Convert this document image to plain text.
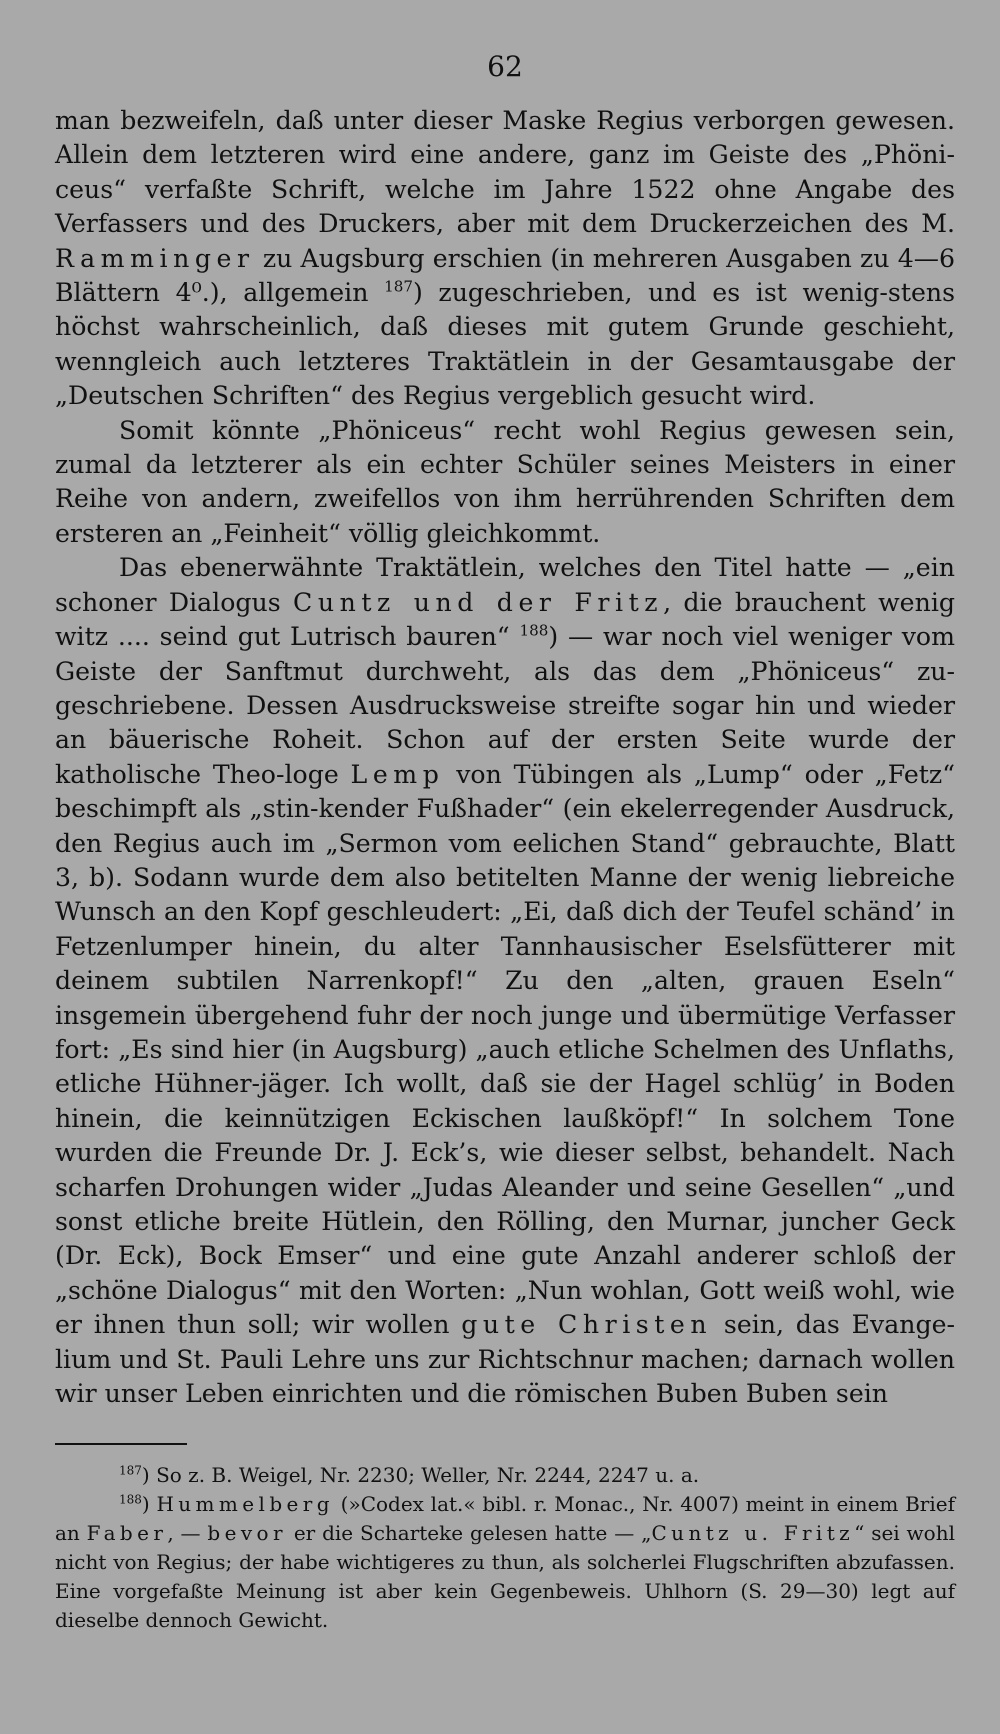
62

man bezweifeln, daß unter dieser Maske Regius verborgen gewesen. Allein dem letzteren wird eine andere, ganz im Geiste des „Phöni-ceus“ verfaßte Schrift, welche im Jahre 1522 ohne Angabe des Verfassers und des Druckers, aber mit dem Druckerzeichen des M. Ramminger zu Augsburg erschien (in mehreren Ausgaben zu 4—6 Blättern 4⁰.), allgemein $^{187}$) zugeschrieben, und es ist wenig-stens höchst wahrscheinlich, daß dieses mit gutem Grunde geschieht, wenngleich auch letzteres Traktätlein in der Gesamtausgabe der „Deutschen Schriften“ des Regius vergeblich gesucht wird.

Somit könnte „Phöniceus“ recht wohl Regius gewesen sein, zumal da letzterer als ein echter Schüler seines Meisters in einer Reihe von andern, zweifellos von ihm herrührenden Schriften dem ersteren an „Feinheit“ völlig gleichkommt.

Das ebenerwähnte Traktätlein, welches den Titel hatte — „ein schoner Dialogus Cuntz und der Fritz, die brauchent wenig witz .... seind gut Lutrisch bauren“ $^{188}$) — war noch viel weniger vom Geiste der Sanftmut durchweht, als das dem „Phöniceus“ zu-geschriebene. Dessen Ausdrucksweise streifte sogar hin und wieder an bäuerische Roheit. Schon auf der ersten Seite wurde der katholische Theo-loge Lemp von Tübingen als „Lump“ oder „Fetz“ beschimpft als „stin-kender Fußhader“ (ein ekelerregender Ausdruck, den Regius auch im „Sermon vom eelichen Stand“ gebrauchte, Blatt 3, b). Sodann wurde dem also betitelten Manne der wenig liebreiche Wunsch an den Kopf geschleudert: „Ei, daß dich der Teufel schänd’ in Fetzenlumper hinein, du alter Tannhausischer Eselsfütterer mit deinem subtilen Narrenkopf!“ Zu den „alten, grauen Eseln“ insgemein übergehend fuhr der noch junge und übermütige Verfasser fort: „Es sind hier (in Augsburg) „auch etliche Schelmen des Unflaths, etliche Hühner-jäger. Ich wollt, daß sie der Hagel schlüg’ in Boden hinein, die keinnützigen Eckischen laußköpf!“ In solchem Tone wurden die Freunde Dr. J. Eck’s, wie dieser selbst, behandelt. Nach scharfen Drohungen wider „Judas Aleander und seine Gesellen“ „und sonst etliche breite Hütlein, den Rölling, den Murnar, juncher Geck (Dr. Eck), Bock Emser“ und eine gute Anzahl anderer schloß der „schöne Dialogus“ mit den Worten: „Nun wohlan, Gott weiß wohl, wie er ihnen thun soll; wir wollen gute Christen sein, das Evange-lium und St. Pauli Lehre uns zur Richtschnur machen; darnach wollen wir unser Leben einrichten und die römischen Buben Buben sein

$^{187}$) So z. B. Weigel, Nr. 2230; Weller, Nr. 2244, 2247 u. a.

$^{188}$) Hummelberg (»Codex lat.« bibl. r. Monac., Nr. 4007) meint in einem Brief an Faber, — bevor er die Scharteke gelesen hatte — „Cuntz u. Fritz“ sei wohl nicht von Regius; der habe wichtigeres zu thun, als solcherlei Flugschriften abzufassen. Eine vorgefaßte Meinung ist aber kein Gegenbeweis. Uhlhorn (S. 29—30) legt auf dieselbe dennoch Gewicht.
